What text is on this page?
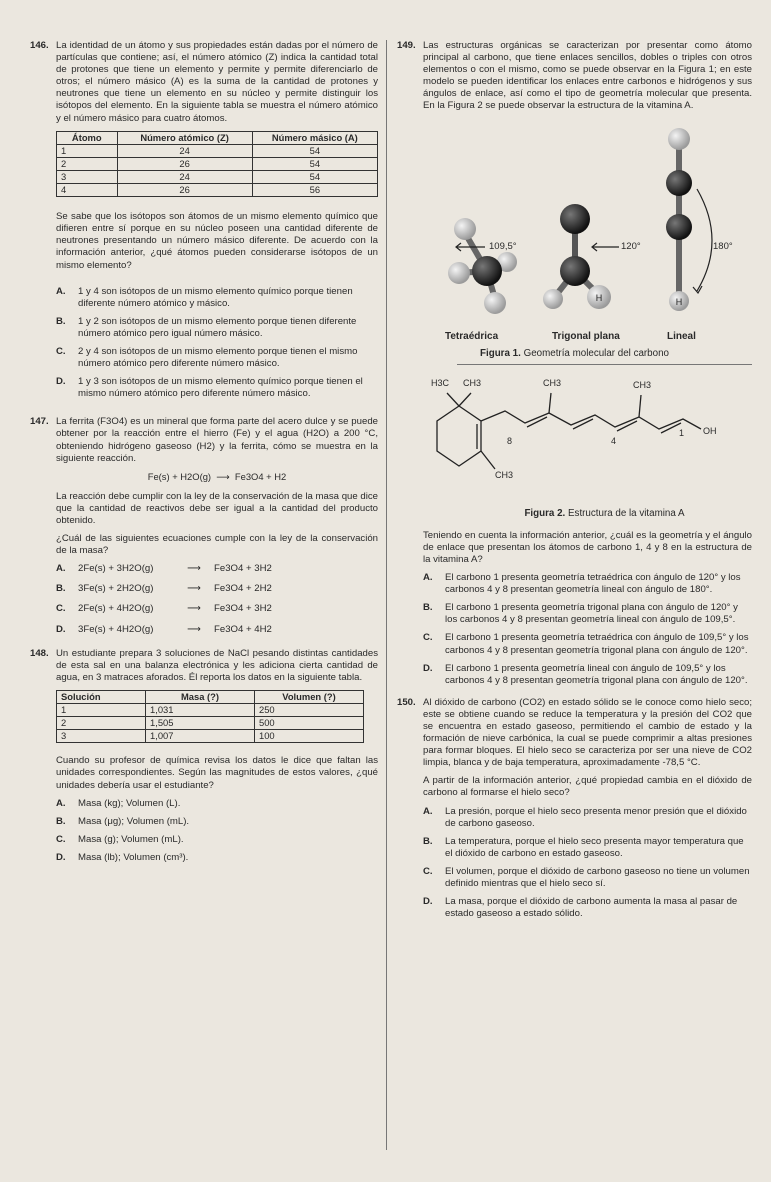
146. La identidad de un átomo y sus propiedades están dadas por el número de partículas que contiene; así, el número atómico (Z) indica la cantidad total de protones que tiene un elemento y permite y permite diferenciarlo de otros; el número másico (A) es la suma de la cantidad de protones y neutrones que tiene un elemento en su núcleo y permite distinguir los isótopos del elemento. En la siguiente tabla se muestra el número atómico y el número másico para cuatro átomos.

Átomo	Número atómico (Z)	Número másico (A)
1	24	54
2	26	54
3	24	54
4	26	56

Se sabe que los isótopos son átomos de un mismo elemento químico que difieren entre sí porque en su núcleo poseen una cantidad diferente de neutrones presentando un número másico diferente. De acuerdo con la información anterior, ¿qué átomos pueden considerarse isótopos de un mismo elemento?

A. 1 y 4 son isótopos de un mismo elemento químico porque tienen diferente número atómico y másico.
B. 1 y 2 son isótopos de un mismo elemento porque tienen diferente número atómico pero igual número másico.
C. 2 y 4 son isótopos de un mismo elemento porque tienen el mismo número atómico pero diferente número másico.
D. 1 y 3 son isótopos de un mismo elemento químico porque tienen el mismo número atómico pero diferente número másico.
147. La ferrita (F3O4) es un mineral que forma parte del acero dulce y se puede obtener por la reacción entre el hierro (Fe) y el agua (H2O) a 200 °C, obteniendo hidrógeno gaseoso (H2) y la ferrita, cómo se muestra en la siguiente reacción.

Fe(s) + H2O(g)  ⟶  Fe3O4 + H2

La reacción debe cumplir con la ley de la conservación de la masa que dice que la cantidad de reactivos debe ser igual a la cantidad del producto obtenido.

¿Cuál de las siguientes ecuaciones cumple con la ley de la conservación de la masa?

A. 2Fe(s) + 3H2O(g)	⟶ Fe3O4 + 3H2
B. 3Fe(s) + 2H2O(g)	⟶ Fe3O4 + 2H2
C. 2Fe(s) + 4H2O(g)	⟶ Fe3O4 + 3H2
D. 3Fe(s) + 4H2O(g)	⟶ Fe3O4 + 4H2
148. Un estudiante prepara 3 soluciones de NaCl pesando distintas cantidades de esta sal en una balanza electrónica y les adiciona cierta cantidad de agua, en 3 matraces aforados. Él reporta los datos en la siguiente tabla.

Solución	Masa (?)	Volumen (?)
1	1,031	250
2	1,505	500
3	1,007	100

Cuando su profesor de química revisa los datos le dice que faltan las unidades correspondientes. Según las magnitudes de estos valores, ¿qué unidades debería usar el estudiante?

A. Masa (kg); Volumen (L).
B. Masa (μg); Volumen (mL).
C. Masa (g); Volumen (mL).
D. Masa (lb); Volumen (cm³).
149. Las estructuras orgánicas se caracterizan por presentar como átomo principal al carbono, que tiene enlaces sencillos, dobles o triples con otros elementos o con el mismo, como se puede observar en la Figura 1; en este modelo se pueden identificar los enlaces entre carbonos e hidrógenos y sus ángulos de enlace, así como el tipo de geometría molecular que presenta. En la Figura 2 se puede observar la estructura de la vitamina A.

H	H
109,5°	120°	180°
Tetraédrica	Trigonal plana	Lineal
Figura 1. Geometría molecular del carbono
H3C CH3	CH3	CH3
CH3
OH
8	4
1
Figura 2. Estructura de la vitamina A

Teniendo en cuenta la información anterior, ¿cuál es la geometría y el ángulo de enlace que presentan los átomos de carbono 1, 4 y 8 en la estructura de la vitamina A?

A. El carbono 1 presenta geometría tetraédrica con ángulo de 120° y los carbonos 4 y 8 presentan geometría lineal con ángulo de 180°.
B. El carbono 1 presenta geometría trigonal plana con ángulo de 120° y los carbonos 4 y 8 presentan geometría lineal con ángulo de 109,5°.
C. El carbono 1 presenta geometría tetraédrica con ángulo de 109,5° y los carbonos 4 y 8 presentan geometría trigonal plana con ángulo de 120°.
D. El carbono 1 presenta geometría lineal con ángulo de 109,5° y los carbonos 4 y 8 presentan geometría trigonal plana con ángulo de 120°.
150. Al dióxido de carbono (CO2) en estado sólido se le conoce como hielo seco; este se obtiene cuando se reduce la temperatura y la presión del CO2 que se encuentra en estado gaseoso, permitiendo el cambio de estado y la formación de nieve carbónica, la cual se puede comprimir a altas presiones para formar bloques. El hielo seco se caracteriza por ser una nieve de CO2 limpia, blanca y de baja temperatura, aproximadamente -78,5 °C.

A partir de la información anterior, ¿qué propiedad cambia en el dióxido de carbono al formarse el hielo seco?

A. La presión, porque el hielo seco presenta menor presión que el dióxido de carbono gaseoso.
B. La temperatura, porque el hielo seco presenta mayor temperatura que el dióxido de carbono en estado gaseoso.
C. El volumen, porque el dióxido de carbono gaseoso no tiene un volumen definido mientras que el hielo seco sí.
D. La masa, porque el dióxido de carbono aumenta la masa al pasar de estado gaseoso a estado sólido.
